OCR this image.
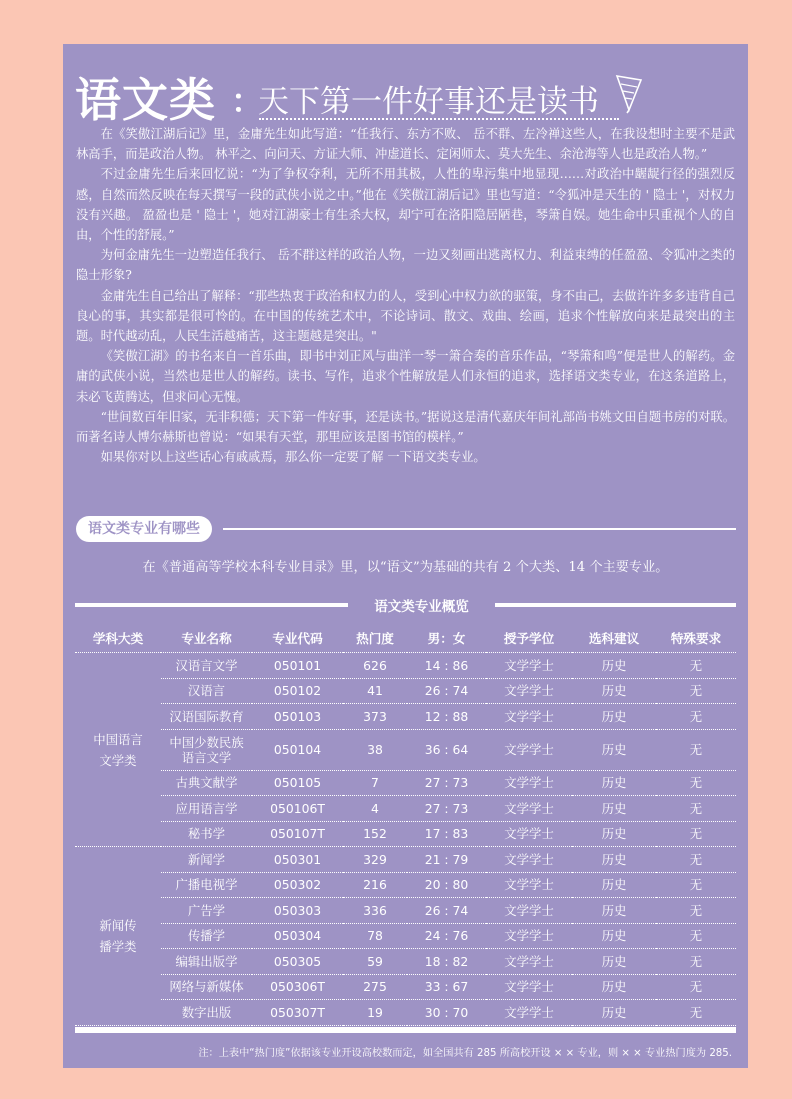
语文类 ：
天下第一件好事还是读书

在《笑傲江湖后记》里，金庸先生如此写道：“任我行、东方不败、 岳不群、左冷禅这些人，在我设想时主要不是武林高手，而是政治人物。 林平之、向问天、方证大师、冲虚道长、定闲师太、莫大先生、余沧海等人也是政治人物。”

不过金庸先生后来回忆说：“为了争权夺利，无所不用其极，人性的卑污集中地显现……对政治中龌龊行径的强烈反感，自然而然反映在每天撰写一段的武侠小说之中。”他在《笑傲江湖后记》里也写道：“令狐冲是天生的 ' 隐士 '，对权力没有兴趣。 盈盈也是 ' 隐士 '，她对江湖豪士有生杀大权，却宁可在洛阳隐居陋巷，琴箫自娱。她生命中只重视个人的自由，个性的舒展。”

为何金庸先生一边塑造任我行、 岳不群这样的政治人物，一边又刻画出逃离权力、利益束缚的任盈盈、令狐冲之类的隐士形象?

金庸先生自己给出了解释：“那些热衷于政治和权力的人，受到心中权力欲的驱策，身不由己，去做许许多多违背自己良心的事，其实都是很可怜的。在中国的传统艺术中，不论诗词、散文、戏曲、绘画，追求个性解放向来是最突出的主题。时代越动乱，人民生活越痛苦，这主题越是突出。"

《笑傲江湖》的书名来自一首乐曲，即书中刘正风与曲洋一琴一箫合奏的音乐作品，“琴箫和鸣”便是世人的解药。金庸的武侠小说，当然也是世人的解药。读书、写作，追求个性解放是人们永恒的追求，选择语文类专业，在这条道路上，未必飞黄腾达，但求问心无愧。

“世间数百年旧家，无非积德；天下第一件好事，还是读书。”据说这是清代嘉庆年间礼部尚书姚文田自题书房的对联。而著名诗人博尔赫斯也曾说：“如果有天堂，那里应该是图书馆的模样。”

如果你对以上这些话心有戚戚焉，那么你一定要了解 一下语文类专业。

语文类专业有哪些
在《普通高等学校本科专业目录》里，以“语文”为基础的共有 2 个大类、14 个主要专业。
语文类专业概览
学科大类	专业名称	专业代码	热门度	男：女	授予学位	选科建议	特殊要求

中国语言
文学类	汉语言文学	050101	626	14 : 86	文学学士	历史	无

	汉语言	050102	41	26 : 74	文学学士	历史	无

	汉语国际教育	050103	373	12 : 88	文学学士	历史	无

	中国少数民族
语言文学	050104	38	36 : 64	文学学士	历史	无

	古典文献学	050105	7	27 : 73	文学学士	历史	无

	应用语言学	050106T	4	27 : 73	文学学士	历史	无

	秘书学	050107T	152	17 : 83	文学学士	历史	无

新闻传
播学类	新闻学	050301	329	21 : 79	文学学士	历史	无

	广播电视学	050302	216	20 : 80	文学学士	历史	无

	广告学	050303	336	26 : 74	文学学士	历史	无

	传播学	050304	78	24 : 76	文学学士	历史	无

	编辑出版学	050305	59	18 : 82	文学学士	历史	无

	网络与新媒体	050306T	275	33 : 67	文学学士	历史	无

	数字出版	050307T	19	30 : 70	文学学士	历史	无
注：上表中“热门度”依据该专业开设高校数而定，如全国共有 285 所高校开设 × × 专业，则 × × 专业热门度为 285.
